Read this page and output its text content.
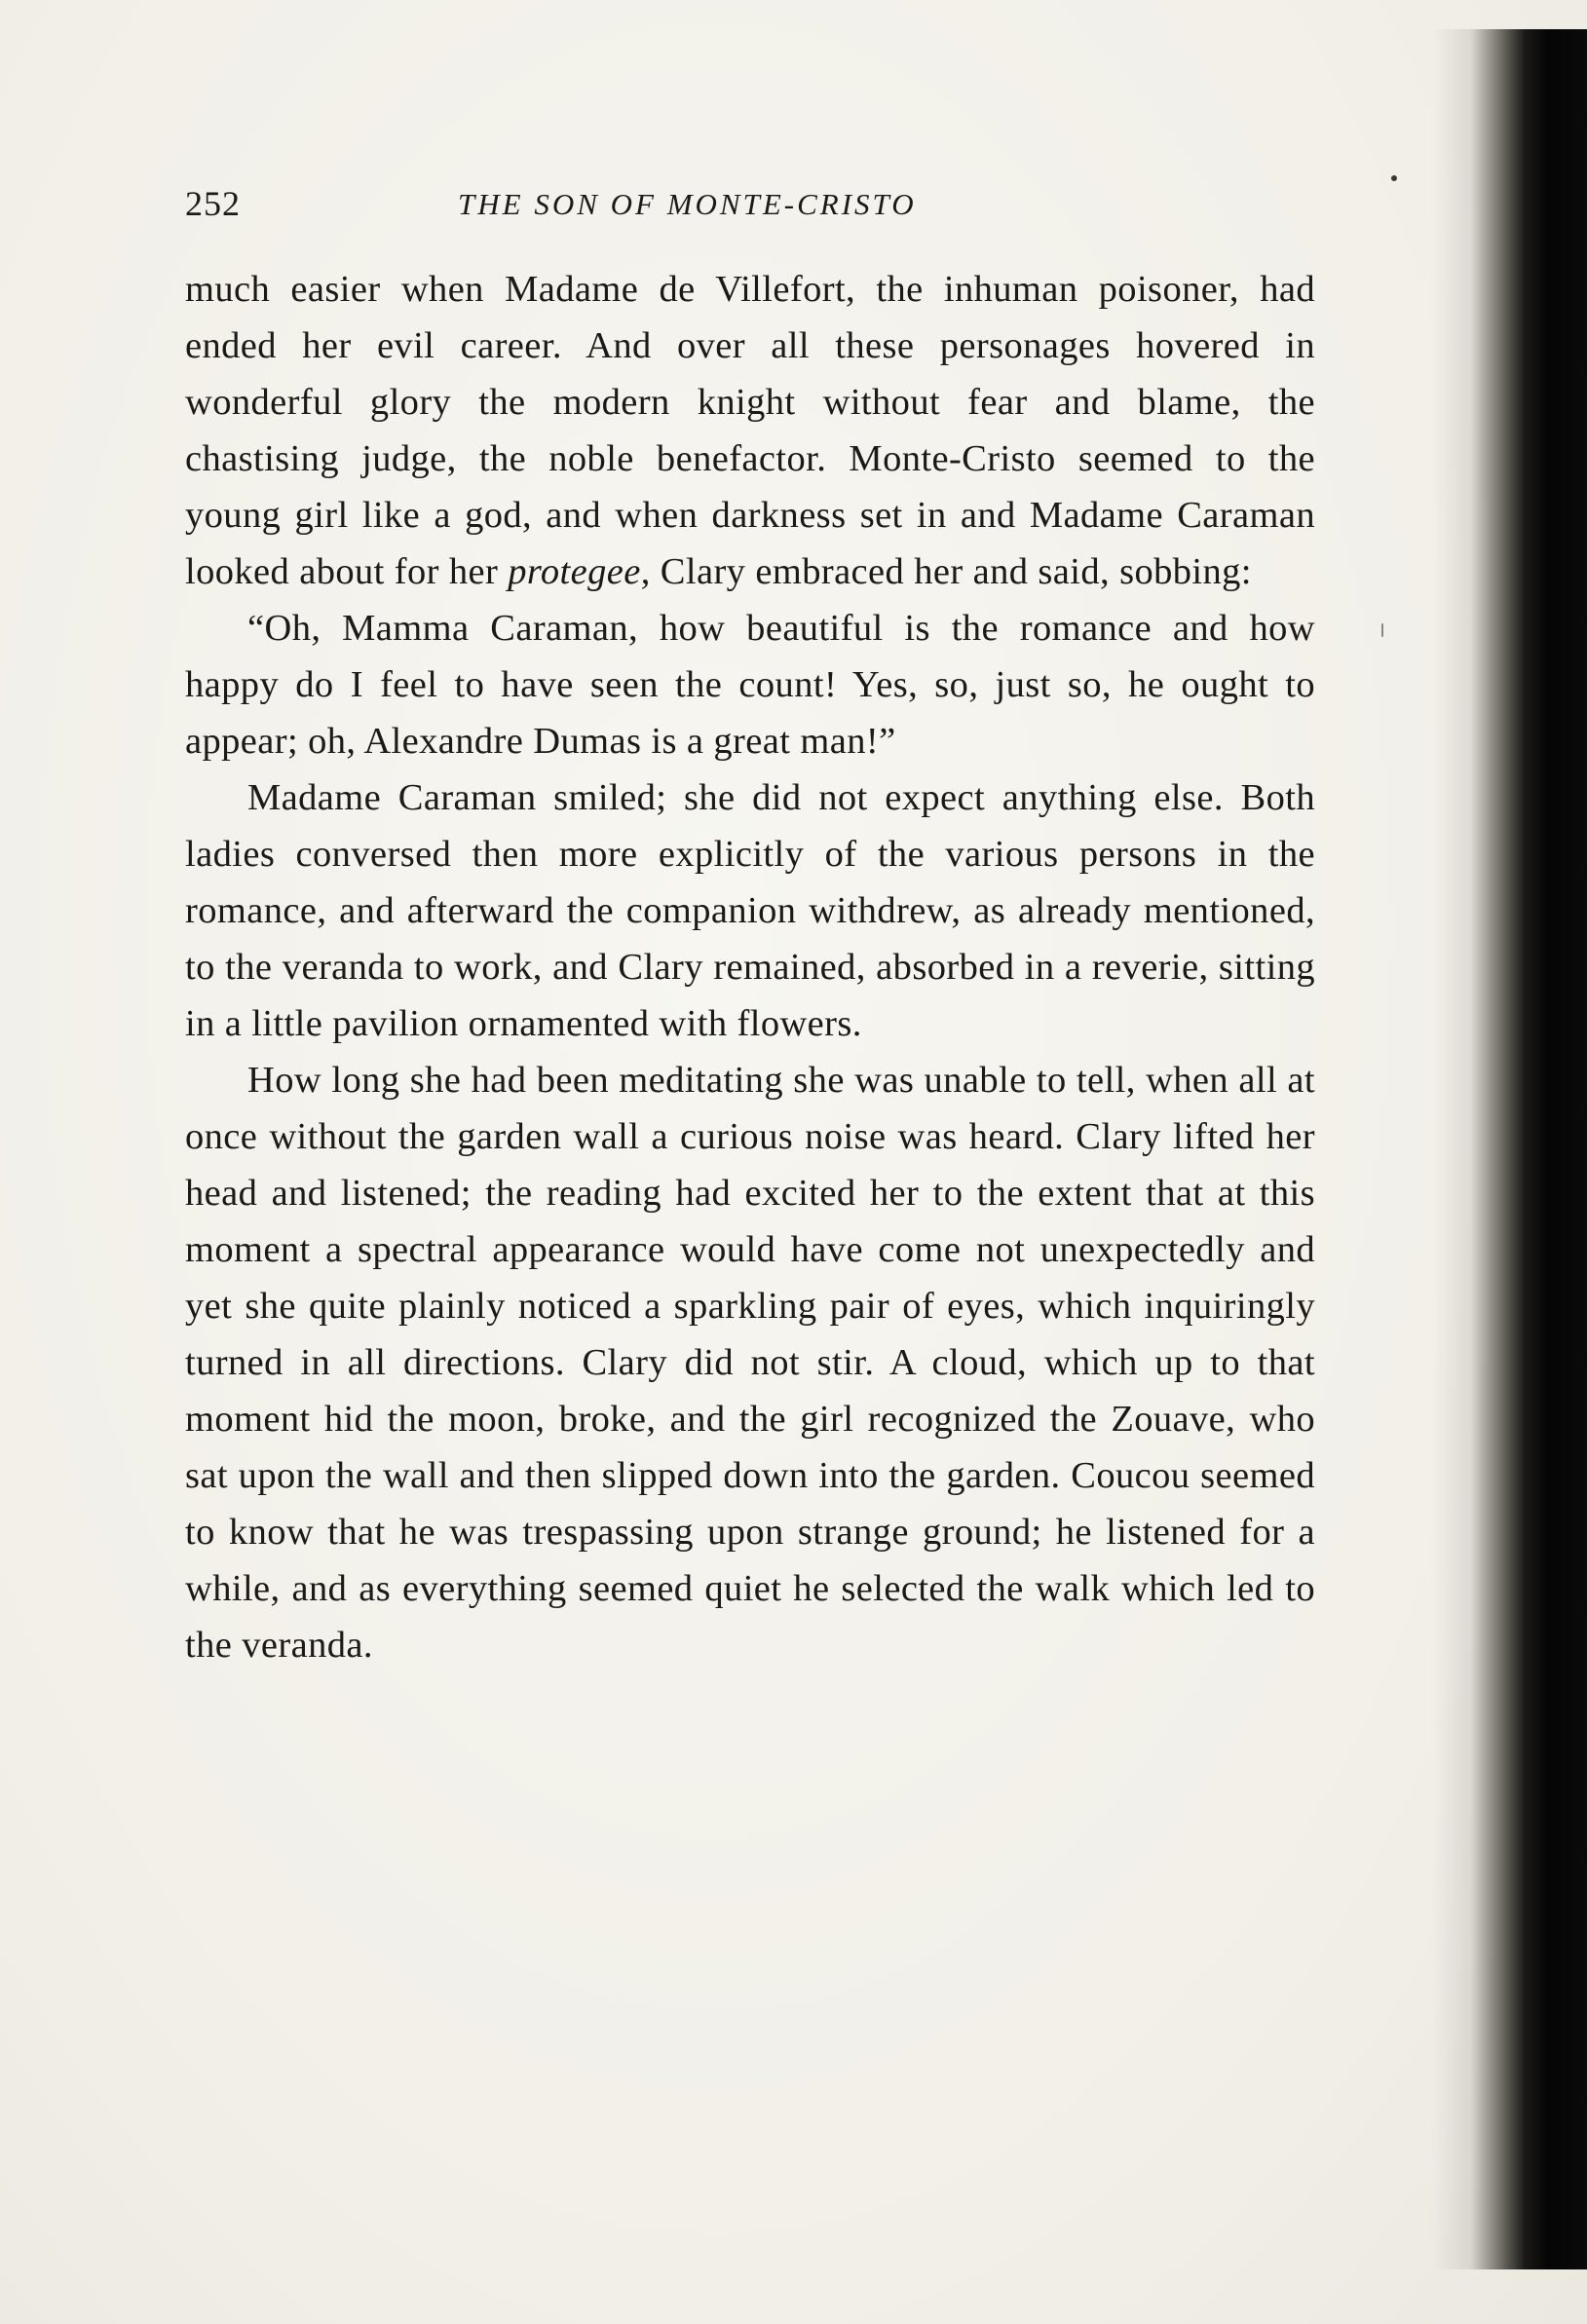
252	THE SON OF MONTE-CRISTO

much easier when Madame de Villefort, the inhuman poisoner, had ended her evil career. And over all these personages hovered in wonderful glory the modern knight without fear and blame, the chastising judge, the noble benefactor. Monte-Cristo seemed to the young girl like a god, and when darkness set in and Madame Caraman looked about for her protegee, Clary embraced her and said, sobbing:

“Oh, Mamma Caraman, how beautiful is the romance and how happy do I feel to have seen the count! Yes, so, just so, he ought to appear; oh, Alexandre Dumas is a great man!”

Madame Caraman smiled; she did not expect anything else. Both ladies conversed then more explicitly of the various persons in the romance, and afterward the companion withdrew, as already mentioned, to the veranda to work, and Clary remained, absorbed in a reverie, sitting in a little pavilion ornamented with flowers.

How long she had been meditating she was unable to tell, when all at once without the garden wall a curious noise was heard. Clary lifted her head and listened; the reading had excited her to the extent that at this moment a spectral appearance would have come not unexpectedly and yet she quite plainly noticed a sparkling pair of eyes, which inquiringly turned in all directions. Clary did not stir. A cloud, which up to that moment hid the moon, broke, and the girl recognized the Zouave, who sat upon the wall and then slipped down into the garden. Coucou seemed to know that he was trespassing upon strange ground; he listened for a while, and as everything seemed quiet he selected the walk which led to the veranda.
